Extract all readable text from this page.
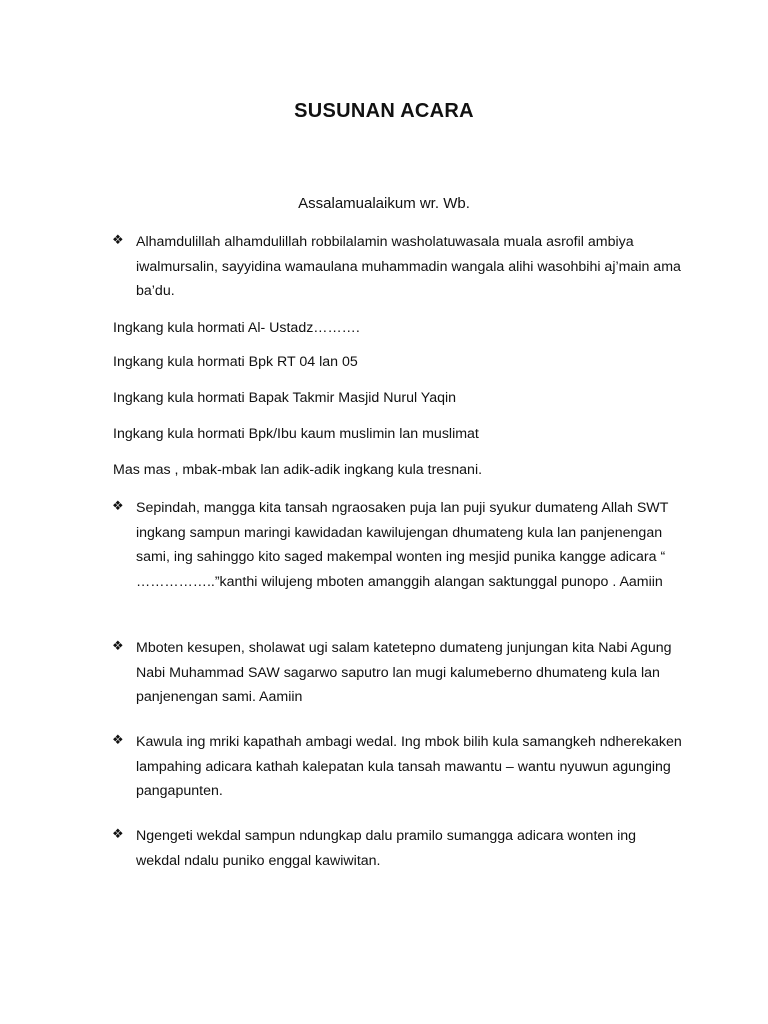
SUSUNAN ACARA
Assalamualaikum wr. Wb.
❖ Alhamdulillah alhamdulillah robbilalamin washolatuwasala muala asrofil ambiya iwalmursalin, sayyidina wamaulana muhammadin wangala alihi wasohbihi aj’main ama ba’du.
Ingkang kula hormati Al- Ustadz……….
Ingkang kula hormati Bpk RT 04 lan 05
Ingkang kula hormati Bapak Takmir Masjid Nurul Yaqin
Ingkang kula hormati Bpk/Ibu kaum muslimin lan muslimat
Mas mas , mbak-mbak lan adik-adik ingkang kula tresnani.
❖ Sepindah, mangga kita tansah ngraosaken puja lan puji syukur dumateng Allah SWT ingkang sampun maringi kawidadan kawilujengan dhumateng kula lan panjenengan sami, ing sahinggo kito saged makempal wonten ing mesjid punika kangge adicara “ ……………..”kanthi wilujeng mboten amanggih alangan saktunggal punopo . Aamiin
❖ Mboten kesupen, sholawat ugi salam katetepno dumateng junjungan kita Nabi Agung Nabi Muhammad SAW sagarwo saputro lan mugi kalumeberno dhumateng kula lan panjenengan sami. Aamiin
❖ Kawula ing mriki kapathah ambagi wedal. Ing mbok bilih kula samangkeh ndherekaken lampahing adicara kathah kalepatan kula tansah mawantu – wantu nyuwun agunging pangapunten.
❖ Ngengeti wekdal sampun ndungkap dalu pramilo sumangga adicara wonten ing wekdal ndalu puniko enggal kawiwitan.
